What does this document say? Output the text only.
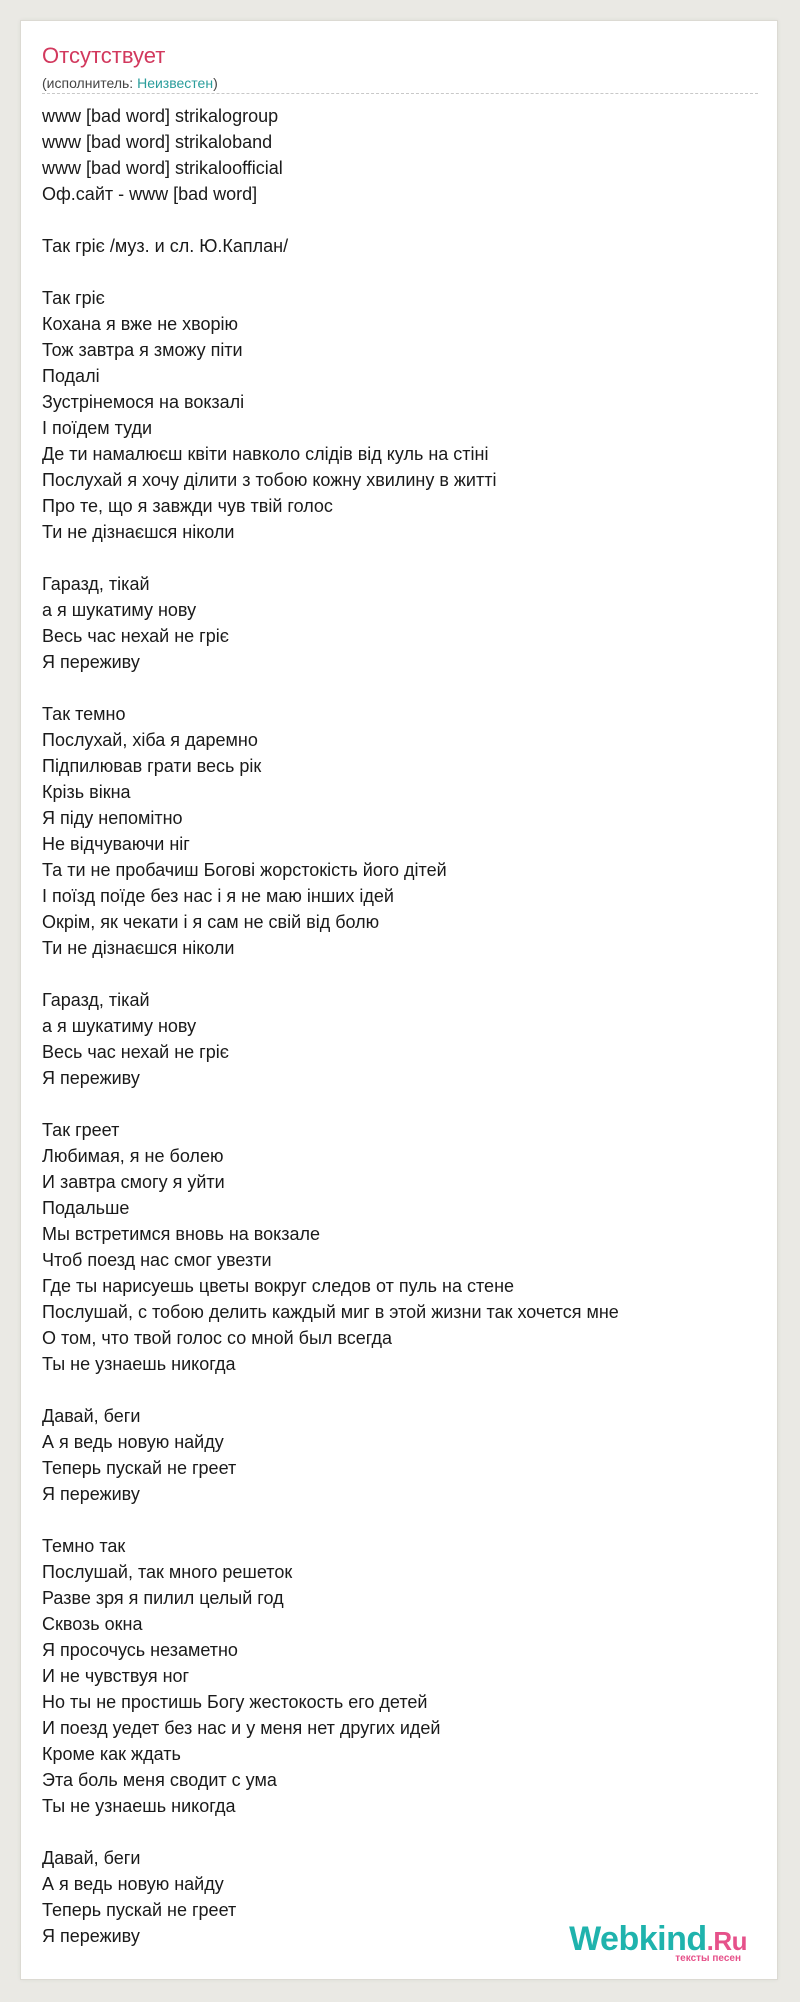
Отсутствует
(исполнитель: Неизвестен)
www [bad word] strikalogroup
www [bad word] strikaloband
www [bad word] strikaloofficial
Оф.сайт - www [bad word]
Так гріє /муз. и сл. Ю.Каплан/
Так гріє
Кохана я вже не хворію
Тож завтра я зможу піти
Подалі
Зустрінемося на вокзалі
І поїдем туди
Де ти намалюєш квіти навколо слідів від куль на стіні
Послухай я хочу ділити з тобою кожну хвилину в житті
Про те, що я завжди чув твій голос
Ти не дізнаєшся ніколи
Гаразд, тікай
а я шукатиму нову
Весь час нехай не гріє
Я переживу
Так темно
Послухай, хіба я даремно
Підпилював грати весь рік
Крізь вікна
Я піду непомітно
Не відчуваючи ніг
Та ти не пробачиш Богові жорстокість його дітей
І поїзд поїде без нас і я не маю інших ідей
Окрім, як чекати і я сам не свій від болю
Ти не дізнаєшся ніколи
Гаразд, тікай
а я шукатиму нову
Весь час нехай не гріє
Я переживу
Так греет
Любимая, я не болею
И завтра смогу я уйти
Подальше
Мы встретимся вновь на вокзале
Чтоб поезд нас смог увезти
Где ты нарисуешь цветы вокруг следов от пуль на стене
Послушай, с тобою делить каждый миг в этой жизни так хочется мне
О том, что твой голос со мной был всегда
Ты не узнаешь никогда
Давай, беги
А я ведь новую найду
Теперь пускай не греет
Я переживу
Темно так
Послушай, так много решеток
Разве зря я пилил целый год
Сквозь окна
Я просочусь незаметно
И не чувствуя ног
Но ты не простишь Богу жестокость его детей
И поезд уедет без нас и у меня нет других идей
Кроме как ждать
Эта боль меня сводит с ума
Ты не узнаешь никогда
Давай, беги
А я ведь новую найду
Теперь пускай не греет
Я переживу	Webkind.Ru
тексты песен
